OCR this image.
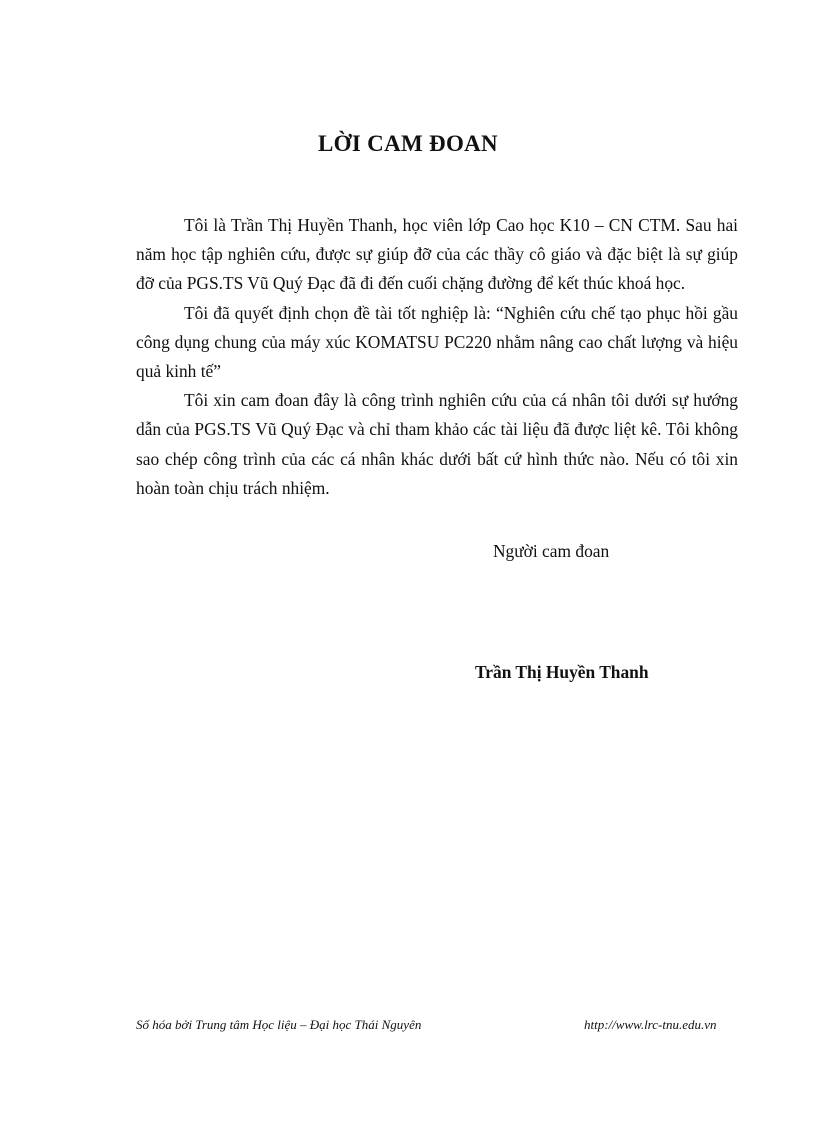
LỜI CAM ĐOAN

Tôi là Trần Thị Huyền Thanh, học viên lớp Cao học K10 – CN CTM. Sau hai năm học tập nghiên cứu, được sự giúp đỡ của các thầy cô giáo và đặc biệt là sự giúp đỡ của PGS.TS Vũ Quý Đạc đã đi đến cuối chặng đường để kết thúc khoá học.

Tôi đã quyết định chọn đề tài tốt nghiệp là: “Nghiên cứu chế tạo phục hồi gầu công dụng chung của máy xúc KOMATSU PC220 nhằm nâng cao chất lượng và hiệu quả kinh tế”

Tôi xin cam đoan đây là công trình nghiên cứu của cá nhân tôi dưới sự hướng dẫn của PGS.TS Vũ Quý Đạc và chỉ tham khảo các tài liệu đã được liệt kê. Tôi không sao chép công trình của các cá nhân khác dưới bất cứ hình thức nào. Nếu có tôi xin hoàn toàn chịu trách nhiệm.

Người cam đoan
Trần Thị Huyền Thanh
Số hóa bởi Trung tâm Học liệu – Đại học Thái Nguyên	http://www.lrc-tnu.edu.vn
